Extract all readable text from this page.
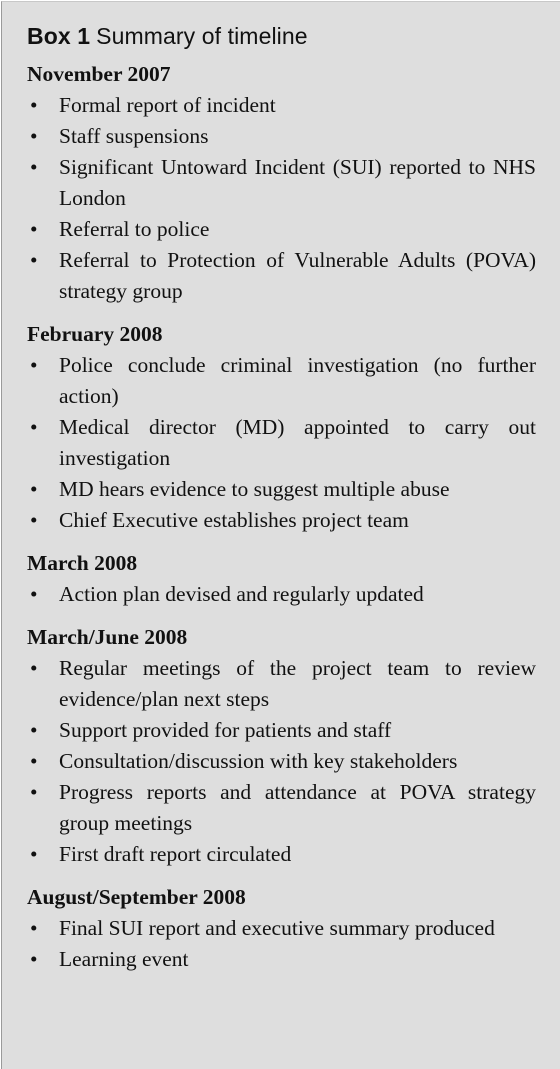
Box 1 Summary of timeline
November 2007
• Formal report of incident
• Staff suspensions
• Significant Untoward Incident (SUI) reported to NHS London
• Referral to police
• Referral to Protection of Vulnerable Adults (POVA) strategy group
February 2008
• Police conclude criminal investigation (no further action)
• Medical director (MD) appointed to carry out investigation
• MD hears evidence to suggest multiple abuse
• Chief Executive establishes project team
March 2008
• Action plan devised and regularly updated
March/June 2008
• Regular meetings of the project team to review evidence/plan next steps
• Support provided for patients and staff
• Consultation/discussion with key stakeholders
• Progress reports and attendance at POVA strategy group meetings
• First draft report circulated
August/September 2008
• Final SUI report and executive summary produced
• Learning event
